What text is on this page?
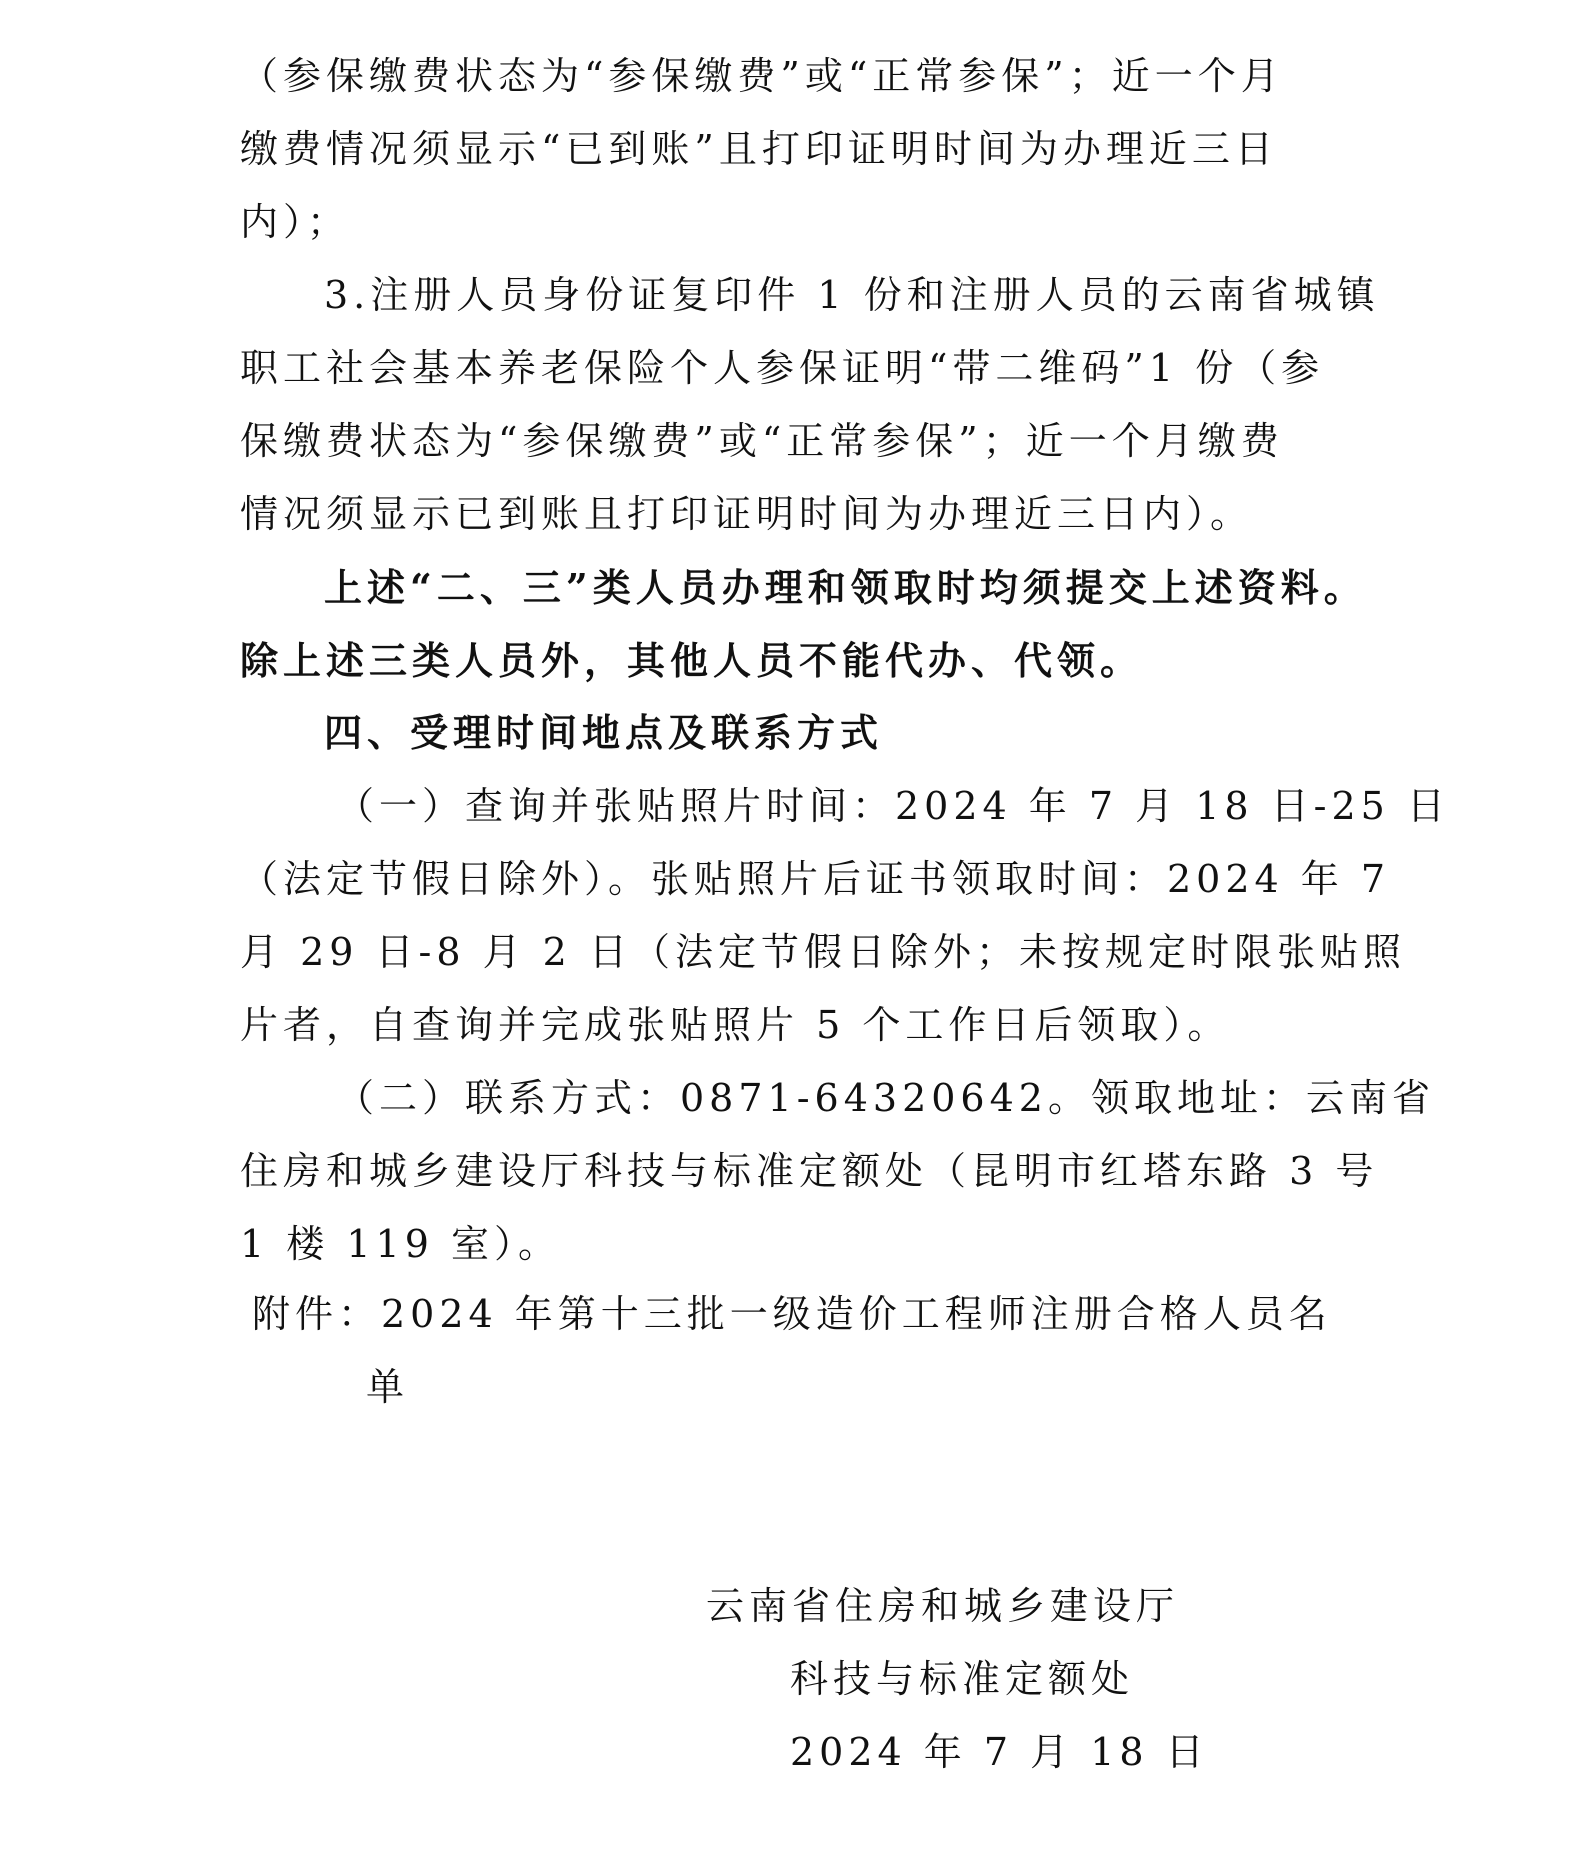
（参保缴费状态为“参保缴费”或“正常参保”；近一个月
缴费情况须显示“已到账”且打印证明时间为办理近三日
内）；
3.注册人员身份证复印件 1 份和注册人员的云南省城镇
职工社会基本养老保险个人参保证明“带二维码”1 份（参
保缴费状态为“参保缴费”或“正常参保”；近一个月缴费
情况须显示已到账且打印证明时间为办理近三日内）。
上述“二、三”类人员办理和领取时均须提交上述资料。
除上述三类人员外，其他人员不能代办、代领。
四、受理时间地点及联系方式
（一）查询并张贴照片时间：2024 年 7 月 18 日-25 日
（法定节假日除外）。张贴照片后证书领取时间：2024 年 7
月 29 日-8 月 2 日（法定节假日除外；未按规定时限张贴照
片者，自查询并完成张贴照片 5 个工作日后领取）。
（二）联系方式：0871-64320642。领取地址：云南省
住房和城乡建设厅科技与标准定额处（昆明市红塔东路 3 号
1 楼 119 室）。
附件：2024 年第十三批一级造价工程师注册合格人员名
单
云南省住房和城乡建设厅
科技与标准定额处
2024 年 7 月 18 日
